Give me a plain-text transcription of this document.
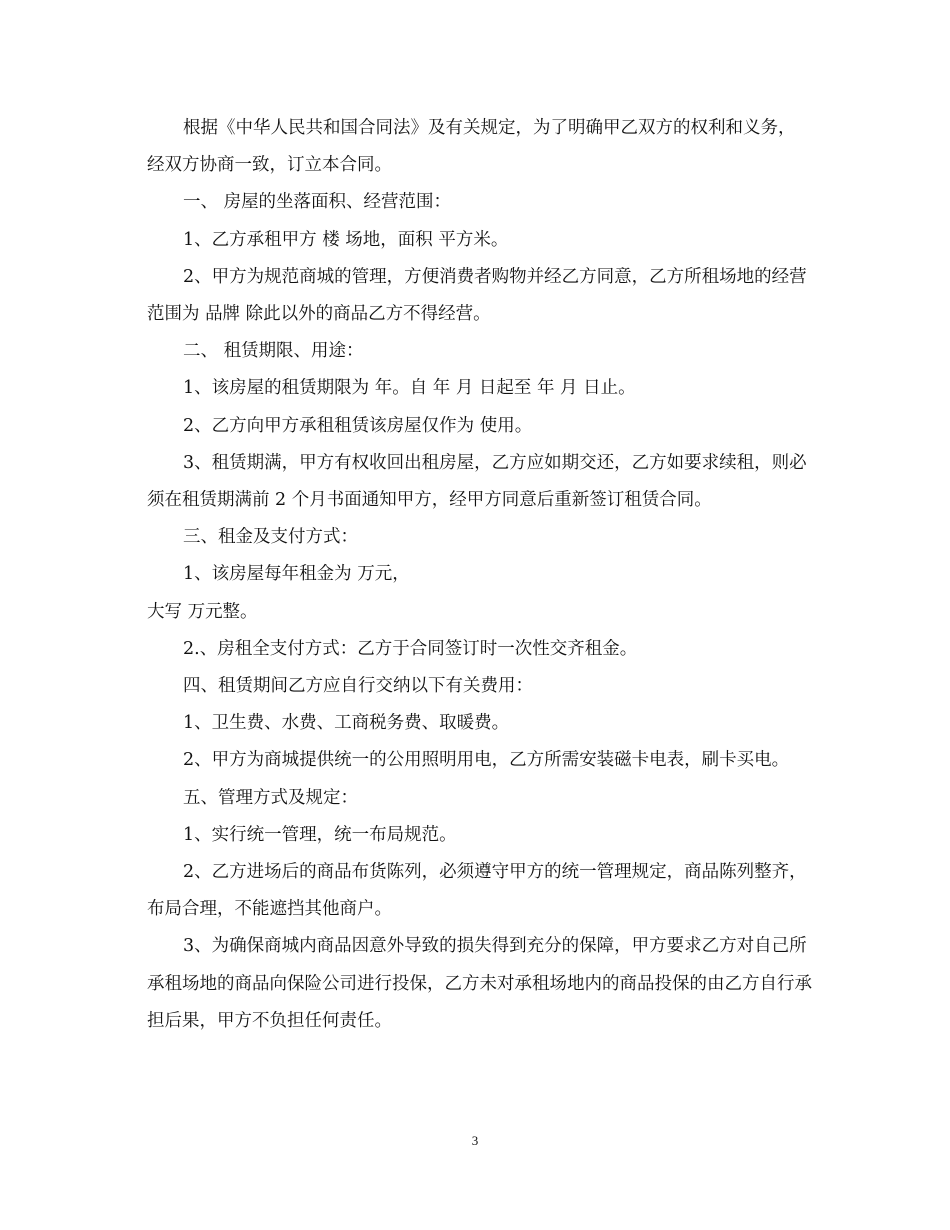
根据《中华人民共和国合同法》及有关规定，为了明确甲乙双方的权利和义务，经双方协商一致，订立本合同。

一、 房屋的坐落面积、经营范围：

1、乙方承租甲方 楼 场地，面积 平方米。

2、甲方为规范商城的管理，方便消费者购物并经乙方同意，乙方所租场地的经营范围为 品牌 除此以外的商品乙方不得经营。

二、 租赁期限、用途：

1、该房屋的租赁期限为 年。自 年 月 日起至 年 月 日止。

2、乙方向甲方承租租赁该房屋仅作为 使用。

3、租赁期满，甲方有权收回出租房屋，乙方应如期交还，乙方如要求续租，则必须在租赁期满前 2 个月书面通知甲方，经甲方同意后重新签订租赁合同。

三、租金及支付方式：

1、该房屋每年租金为 万元，

大写 万元整。

2.、房租全支付方式：乙方于合同签订时一次性交齐租金。

四、租赁期间乙方应自行交纳以下有关费用：

1、卫生费、水费、工商税务费、取暖费。

2、甲方为商城提供统一的公用照明用电，乙方所需安装磁卡电表，刷卡买电。

五、管理方式及规定：

1、实行统一管理，统一布局规范。

2、乙方进场后的商品布货陈列，必须遵守甲方的统一管理规定，商品陈列整齐，布局合理，不能遮挡其他商户。

3、为确保商城内商品因意外导致的损失得到充分的保障，甲方要求乙方对自己所承租场地的商品向保险公司进行投保，乙方未对承租场地内的商品投保的由乙方自行承担后果，甲方不负担任何责任。

3
